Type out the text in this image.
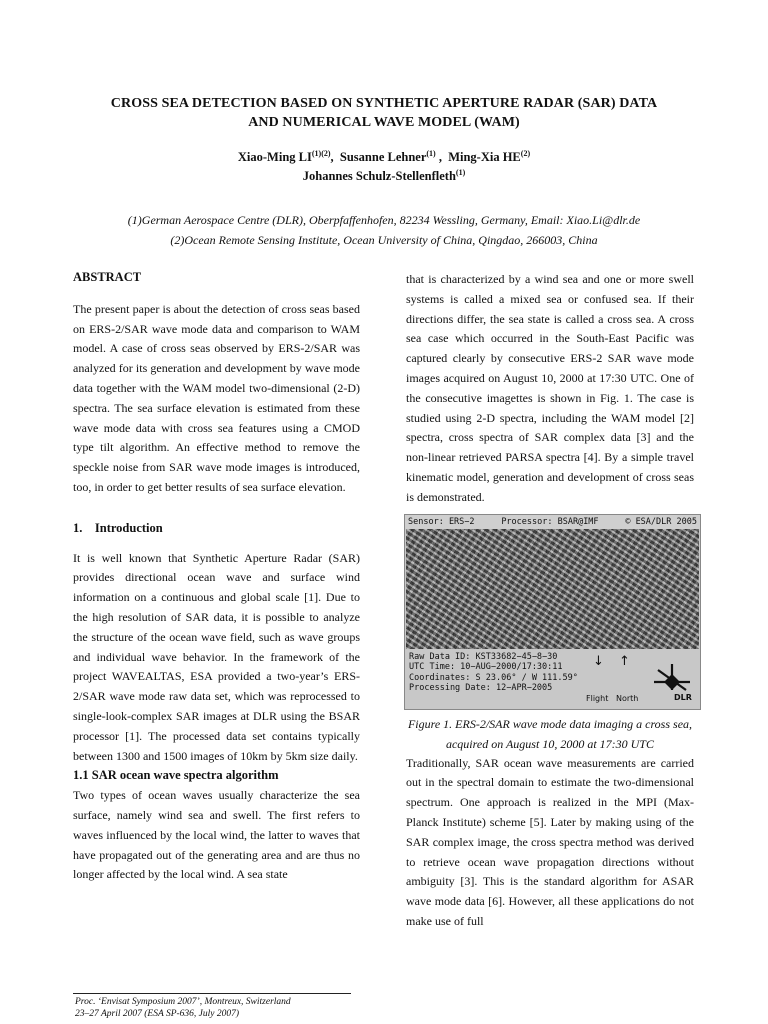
CROSS SEA DETECTION BASED ON SYNTHETIC APERTURE RADAR (SAR) DATA
AND NUMERICAL WAVE MODEL (WAM)
Xiao-Ming $LI^{(1)(2)}$,  Susanne Lehner$^{(1)}$ ,  Ming-Xia HE$^{(2)}$
Johannes Schulz-Stellenfleth$^{(1)}$
(1)German Aerospace Centre (DLR), Oberpfaffenhofen, 82234 Wessling, Germany, Email: Xiao.Li@dlr.de
(2)Ocean Remote Sensing Institute, Ocean University of China, Qingdao, 266003, China

ABSTRACT

The present paper is about the detection of cross seas based on ERS-2/SAR wave mode data and comparison to WAM model. A case of cross seas observed by ERS-2/SAR was analyzed for its generation and development by wave mode data together with the WAM model two-dimensional (2-D) spectra. The sea surface elevation is estimated from these wave mode data with cross sea features using a CMOD type tilt algorithm. An effective method to remove the speckle noise from SAR wave mode images is introduced, too, in order to get better results of sea surface elevation.

1.    Introduction

It is well known that Synthetic Aperture Radar (SAR) provides directional ocean wave and surface wind information on a continuous and global scale [1]. Due to the high resolution of SAR data, it is possible to analyze the structure of the ocean wave field, such as wave groups and individual wave behavior. In the framework of the project WAVEALTAS, ESA provided a two-year’s ERS-2/SAR wave mode raw data set, which was reprocessed to single-look-complex SAR images at DLR using the BSAR processor [1]. The processed data set contains typically between 1300 and 1500 images of 10km by 5km size daily.

1.1 SAR ocean wave spectra algorithm

Two types of ocean waves usually characterize the sea surface, namely wind sea and swell. The first refers to waves influenced by the local wind, the latter to waves that have propagated out of the generating area and are thus no longer affected by the local wind. A sea state

that is characterized by a wind sea and one or more swell systems is called a mixed sea or confused sea. If their directions differ, the sea state is called a cross sea. A cross sea case which occurred in the South-East Pacific was captured clearly by consecutive ERS-2 SAR wave mode images acquired on August 10, 2000 at 17:30 UTC. One of the consecutive imagettes is shown in Fig. 1. The case is studied using 2-D spectra, including the WAM model [2] spectra, cross spectra of SAR complex data [3] and the non-linear retrieved PARSA spectra [4]. By a simple travel kinematic model, generation and development of cross seas is demonstrated.

Sensor: ERS−2	Processor: BSAR@IMF	© ESA/DLR 2005
Raw Data ID: KST33682−45−8−30
UTC Time: 10−AUG−2000/17:30:11
Coordinates: S 23.06° / W 111.59°
Processing Date: 12−APR−2005
↓ ↑
Flight North	DLR

Figure 1. ERS-2/SAR wave mode data imaging a cross sea, acquired on August 10, 2000 at 17:30 UTC

Traditionally, SAR ocean wave measurements are carried out in the spectral domain to estimate the two-dimensional spectrum. One approach is realized in the MPI (Max-Planck Institute) scheme [5]. Later by making using of the SAR complex image, the cross spectra method was derived to retrieve ocean wave propagation directions without ambiguity [3]. This is the standard algorithm for ASAR wave mode data [6]. However, all these applications do not make use of full

Proc. ‘Envisat Symposium 2007’, Montreux, Switzerland
23–27 April 2007 (ESA SP-636, July 2007)
